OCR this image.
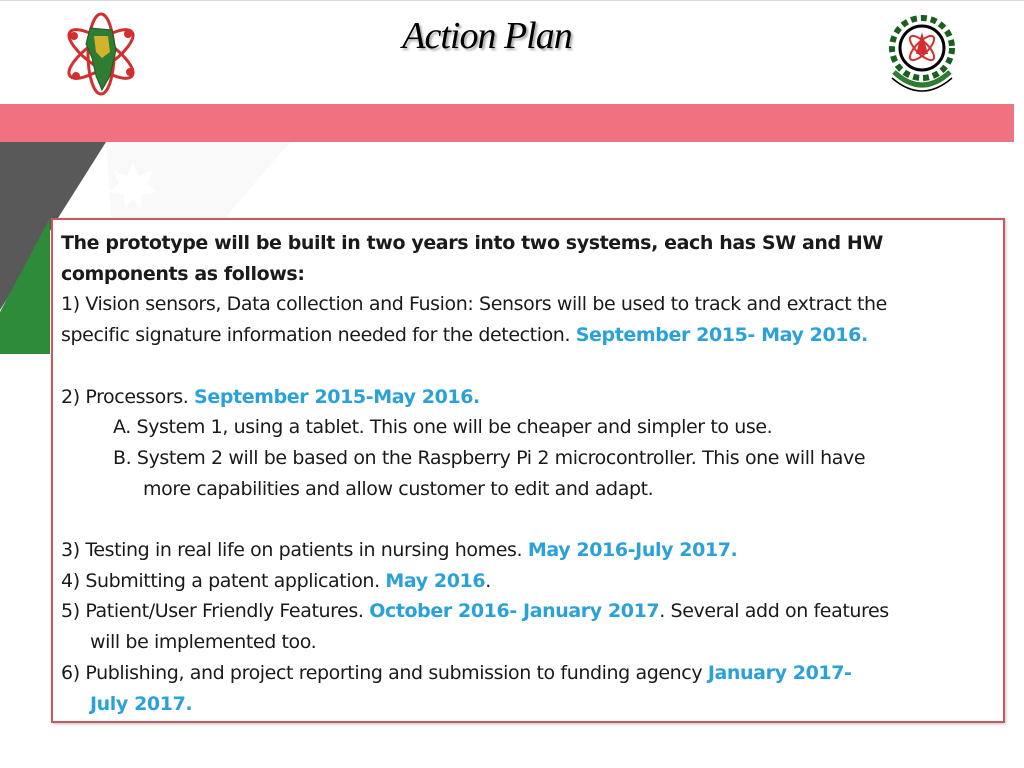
Action Plan

The prototype will be built in two years into two systems, each has SW and HW

components as follows:

1) Vision sensors, Data collection and Fusion: Sensors will be used to track and extract the

specific signature information needed for the detection. September 2015- May 2016.

2) Processors. September 2015-May 2016.

A. System 1, using a tablet. This one will be cheaper and simpler to use.

B. System 2 will be based on the Raspberry Pi 2 microcontroller. This one will have

more capabilities and allow customer to edit and adapt.

3) Testing in real life on patients in nursing homes. May 2016-July 2017.

4) Submitting a patent application. May 2016.

5) Patient/User Friendly Features. October 2016- January 2017. Several add on features

will be implemented too.

6) Publishing, and project reporting and submission to funding agency January 2017-

July 2017.
